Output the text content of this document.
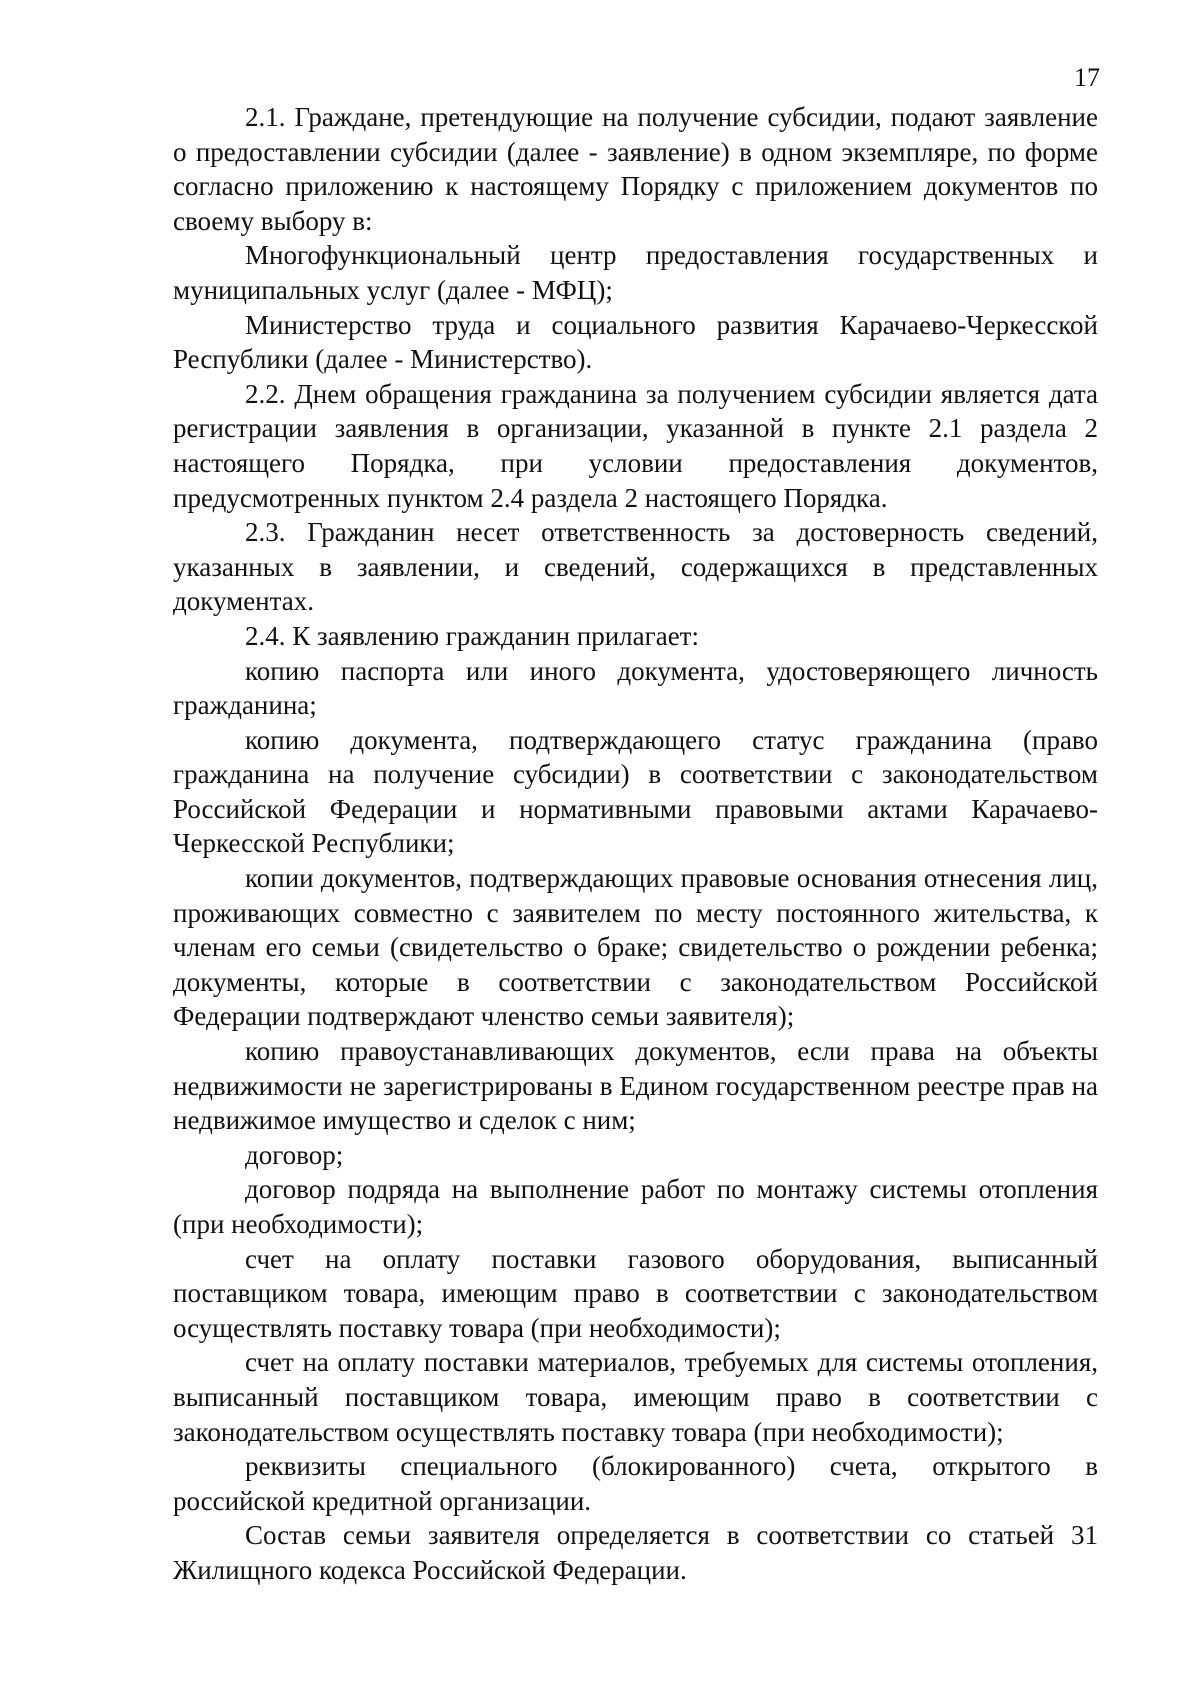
17

2.1. Граждане, претендующие на получение субсидии, подают заявление о предоставлении субсидии (далее - заявление) в одном экземпляре, по форме согласно приложению к настоящему Порядку с приложением документов по своему выбору в:

Многофункциональный центр предоставления государственных и муниципальных услуг (далее - МФЦ);

Министерство труда и социального развития Карачаево-Черкесской Республики (далее - Министерство).

2.2. Днем обращения гражданина за получением субсидии является дата регистрации заявления в организации, указанной в пункте 2.1 раздела 2 настоящего Порядка, при условии предоставления документов, предусмотренных пунктом 2.4 раздела 2 настоящего Порядка.

2.3. Гражданин несет ответственность за достоверность сведений, указанных в заявлении, и сведений, содержащихся в представленных документах.

2.4. К заявлению гражданин прилагает:

копию паспорта или иного документа, удостоверяющего личность гражданина;

копию документа, подтверждающего статус гражданина (право гражданина на получение субсидии) в соответствии с законодательством Российской Федерации и нормативными правовыми актами Карачаево-Черкесской Республики;

копии документов, подтверждающих правовые основания отнесения лиц, проживающих совместно с заявителем по месту постоянного жительства, к членам его семьи (свидетельство о браке; свидетельство о рождении ребенка; документы, которые в соответствии с законодательством Российской Федерации подтверждают членство семьи заявителя);

копию правоустанавливающих документов, если права на объекты недвижимости не зарегистрированы в Едином государственном реестре прав на недвижимое имущество и сделок с ним;

договор;

договор подряда на выполнение работ по монтажу системы отопления (при необходимости);

счет на оплату поставки газового оборудования, выписанный поставщиком товара, имеющим право в соответствии с законодательством осуществлять поставку товара (при необходимости);

счет на оплату поставки материалов, требуемых для системы отопления, выписанный поставщиком товара, имеющим право в соответствии с законодательством осуществлять поставку товара (при необходимости);

реквизиты специального (блокированного) счета, открытого в российской кредитной организации.

Состав семьи заявителя определяется в соответствии со статьей 31 Жилищного кодекса Российской Федерации.
